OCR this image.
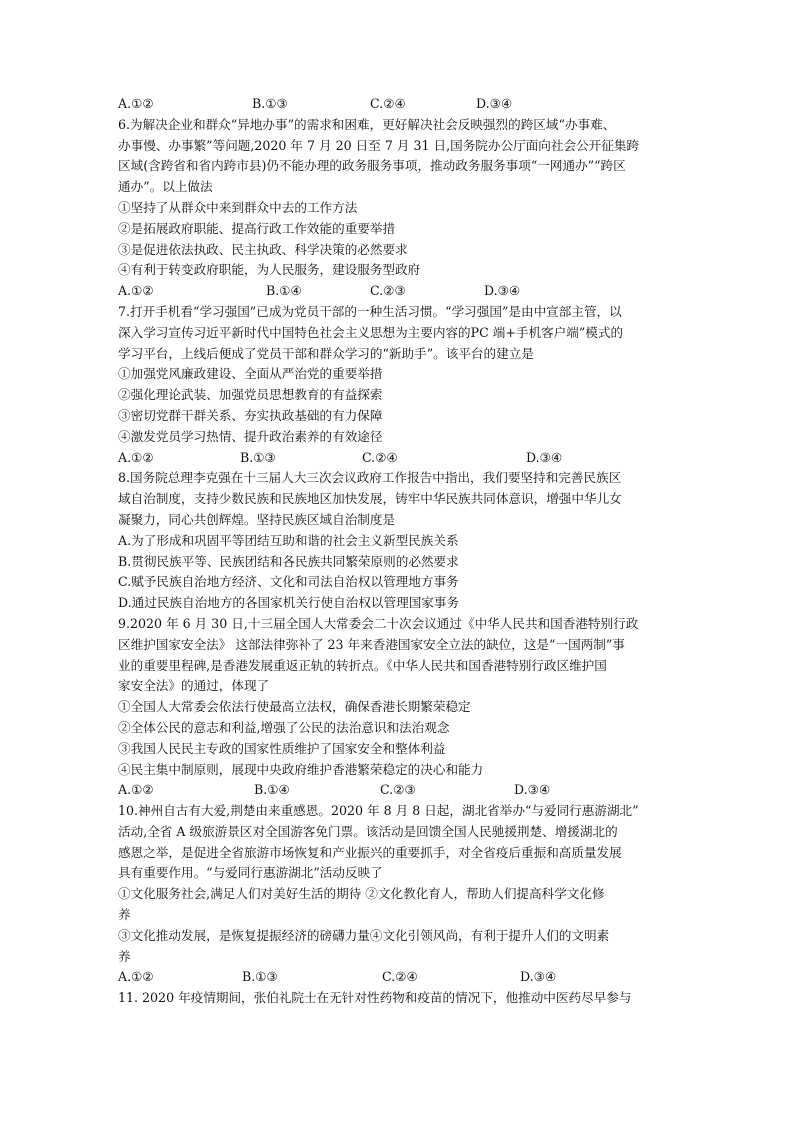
A.①②	B.①③	C.②④	D.③④
6.为解决企业和群众“异地办事”的需求和困难，更好解决社会反映强烈的跨区域“办事难、
办事慢、办事繁”等问题,2020 年 7 月 20 日至 7 月 31 日,国务院办公厅面向社会公开征集跨
区域(含跨省和省内跨市县)仍不能办理的政务服务事项，推动政务服务事项“一网通办”“跨区
通办”。以上做法
①坚持了从群众中来到群众中去的工作方法
②是拓展政府职能、提高行政工作效能的重要举措
③是促进依法执政、民主执政、科学决策的必然要求
④有利于转变政府职能，为人民服务，建设服务型政府
A.①②	B.①④	C.②③	D.③④
7.打开手机看“学习强国”已成为党员干部的一种生活习惯。“学习强国”是由中宣部主管，以
深入学习宣传习近平新时代中国特色社会主义思想为主要内容的PC 端+手机客户端”模式的
学习平台，上线后便成了党员干部和群众学习的“新助手”。该平台的建立是
①加强党风廉政建设、全面从严治党的重要举措
②强化理论武装、加强党员思想教育的有益探索
③密切党群干群关系、夯实执政基础的有力保障
④激发党员学习热情、提升政治素养的有效途径
A.①②	B.①③	C.②④	D.③④
8.国务院总理李克强在十三届人大三次会议政府工作报告中指出，我们要坚持和完善民族区
域自治制度，支持少数民族和民族地区加快发展，铸牢中华民族共同体意识，增强中华儿女
凝聚力，同心共创辉煌。坚持民族区域自治制度是
A.为了形成和巩固平等团结互助和谐的社会主义新型民族关系
B.贯彻民族平等、民族团结和各民族共同繁荣原则的必然要求
C.赋予民族自治地方经济、文化和司法自治权以管理地方事务
D.通过民族自治地方的各国家机关行使自治权以管理国家事务
9.2020 年 6 月 30 日,十三届全国人大常委会二十次会议通过《中华人民共和国香港特别行政
区维护国家安全法》 这部法律弥补了 23 年来香港国家安全立法的缺位，这是“一国两制”事
业的重要里程碑,是香港发展重返正轨的转折点。《中华人民共和国香港特别行政区维护国
家安全法》的通过，体现了
①全国人大常委会依法行使最高立法权，确保香港长期繁荣稳定
②全体公民的意志和利益,增强了公民的法治意识和法治观念
③我国人民民主专政的国家性质维护了国家安全和整体利益
④民主集中制原则，展现中央政府维护香港繁荣稳定的决心和能力
A.①②	B.①④	C.②③	D.③④
10.神州自古有大爱,荆楚由来重感恩。2020 年 8 月 8 日起，湖北省举办“与爱同行惠游湖北”
活动,全省 A 级旅游景区对全国游客免门票。该活动是回馈全国人民驰援荆楚、增援湖北的
感恩之举，是促进全省旅游市场恢复和产业振兴的重要抓手，对全省疫后重振和高质量发展
具有重要作用。“与爱同行惠游湖北”活动反映了
①文化服务社会,满足人们对美好生活的期待 ②文化教化育人，帮助人们提高科学文化修
养
③文化推动发展，是恢复提振经济的磅礴力量④文化引领风尚，有利于提升人们的文明素
养
A.①②	B.①③	C.②④	D.③④
11. 2020 年疫情期间，张伯礼院士在无针对性药物和疫苗的情况下，他推动中医药尽早参与
